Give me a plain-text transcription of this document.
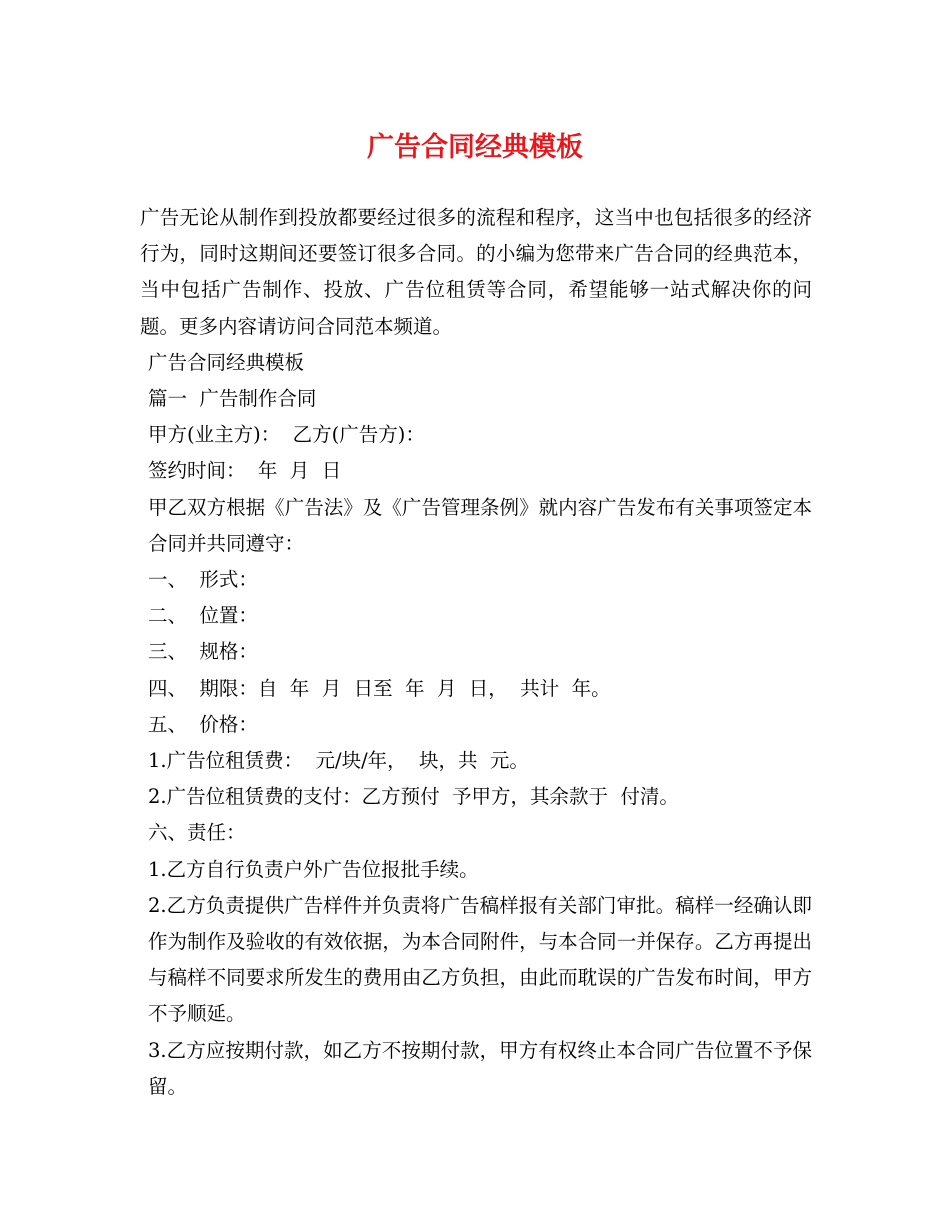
广告合同经典模板

广告无论从制作到投放都要经过很多的流程和程序，这当中也包括很多的经济行为，同时这期间还要签订很多合同。的小编为您带来广告合同的经典范本，当中包括广告制作、投放、广告位租赁等合同，希望能够一站式解决你的问题。更多内容请访问合同范本频道。

广告合同经典模板

篇一  广告制作合同

甲方(业主方)：  乙方(广告方)：

签约时间：  年  月  日

甲乙双方根据《广告法》及《广告管理条例》就内容广告发布有关事项签定本合同并共同遵守：

一、  形式：

二、  位置：

三、  规格：

四、  期限：自  年  月  日至  年  月  日，  共计  年。

五、  价格：

1.广告位租赁费：  元/块/年，  块，共  元。

2.广告位租赁费的支付：乙方预付  予甲方，其余款于  付清。

六、责任：

1.乙方自行负责户外广告位报批手续。

2.乙方负责提供广告样件并负责将广告稿样报有关部门审批。稿样一经确认即作为制作及验收的有效依据，为本合同附件，与本合同一并保存。乙方再提出与稿样不同要求所发生的费用由乙方负担，由此而耽误的广告发布时间，甲方不予顺延。

3.乙方应按期付款，如乙方不按期付款，甲方有权终止本合同广告位置不予保留。
